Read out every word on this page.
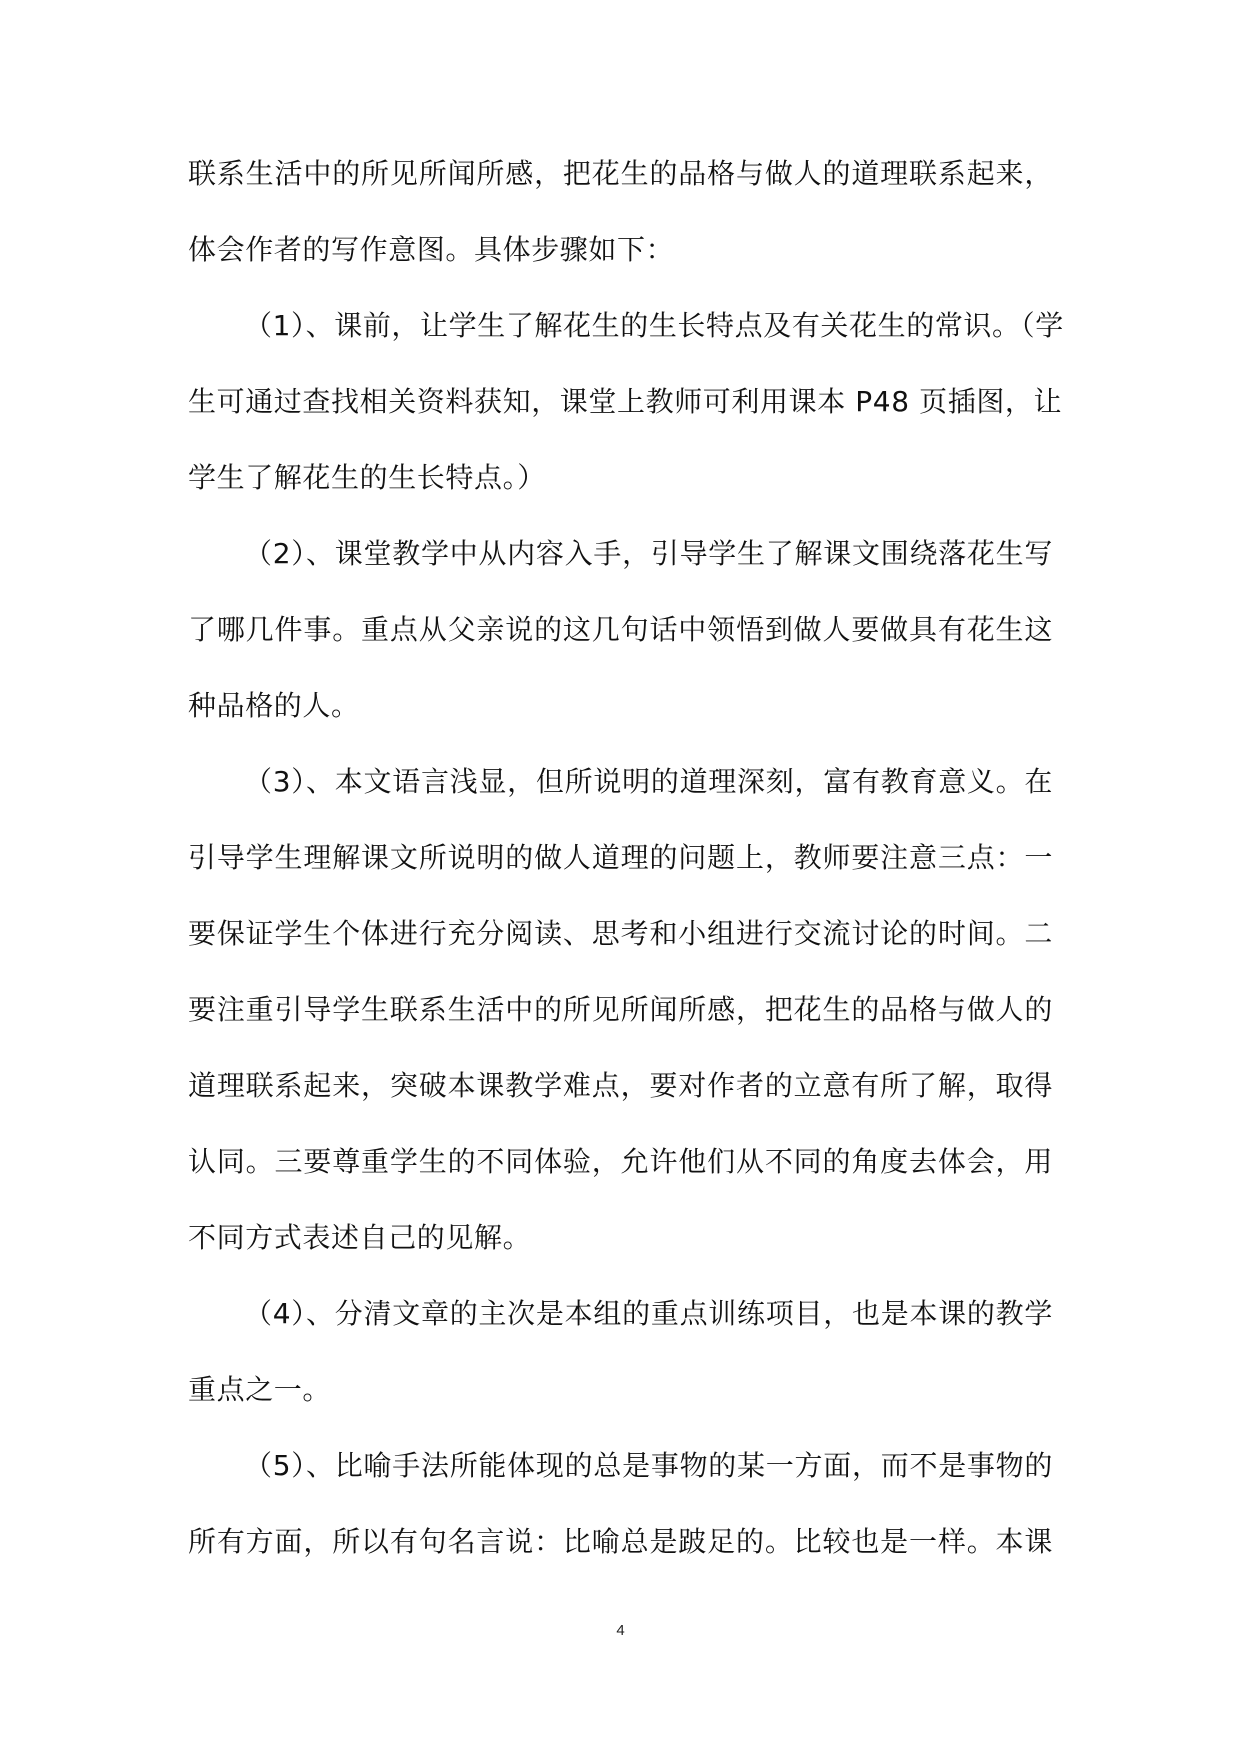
联系生活中的所见所闻所感，把花生的品格与做人的道理联系起来，
体会作者的写作意图。具体步骤如下：
（1）、课前，让学生了解花生的生长特点及有关花生的常识。（学
生可通过查找相关资料获知，课堂上教师可利用课本 P48 页插图，让
学生了解花生的生长特点。）
（2）、课堂教学中从内容入手，引导学生了解课文围绕落花生写
了哪几件事。重点从父亲说的这几句话中领悟到做人要做具有花生这
种品格的人。
（3）、本文语言浅显，但所说明的道理深刻，富有教育意义。在
引导学生理解课文所说明的做人道理的问题上，教师要注意三点：一
要保证学生个体进行充分阅读、思考和小组进行交流讨论的时间。二
要注重引导学生联系生活中的所见所闻所感，把花生的品格与做人的
道理联系起来，突破本课教学难点，要对作者的立意有所了解，取得
认同。三要尊重学生的不同体验，允许他们从不同的角度去体会，用
不同方式表述自己的见解。
（4）、分清文章的主次是本组的重点训练项目，也是本课的教学
重点之一。
（5）、比喻手法所能体现的总是事物的某一方面，而不是事物的
所有方面，所以有句名言说：比喻总是跛足的。比较也是一样。本课
4
